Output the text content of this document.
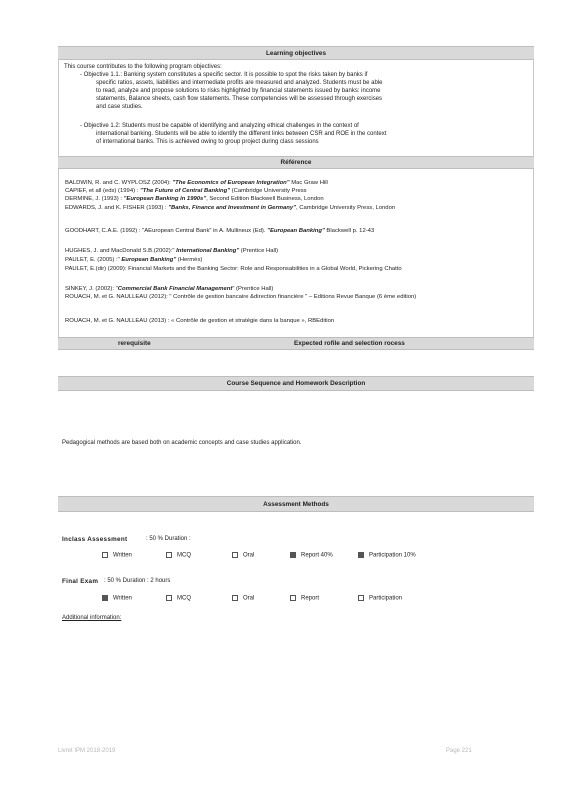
Learning objectives
This course contributes to the following program objectives:
- Objective 1.1.: Banking system constitutes a specific sector. It is possible to spot the risks taken by banks if
specific ratios, assets, liabilities and intermediate profits are measured and analyzed. Students must be able
to read, analyze and propose solutions to risks highlighted by financial statements issued by banks: income
statements, Balance sheets, cash flow statements. These competencies will be assessed through exercises
and case studies.
- Objective 1.2: Students must be capable of identifying and analyzing ethical challenges in the context of
international banking. Students will be able to identify the different links between CSR and ROE in the context
of international banks. This is achieved owing to group project during class sessions
Référence
BALDWIN, R. and C. WYPLOSZ (2004): "The Economics of European Integration" Mac Graw Hill
CAPIEF, et all (eds) (1994) : "The Future of Central Banking" (Cambridge University Press
DERMINE, J. (1993) : "European Banking in 1990s", Second Edition Blackwell Business, London
EDWARDS, J. and K. FISHER (1993) : "Banks, Finance and Investment in Germany", Cambridge University Press, London
GOODHART, C.A.E. (1992) : "AEuropean Central Bank" in A. Mullineux (Ed). "European Banking" Blackwell p. 12-43
HUGHES, J. and MacDonald S.B.(2002):" International Banking" (Prentice Hall)
PAULET, E. (2005) :" European Banking" (Hermès)
PAULET, E.(dir) (2009): Financial Markets and the Banking Sector: Role and Responsabilities in a Global World, Pickering Chatto
SINKEY, J. (2002): "Commercial Bank Financial Management" (Prentice Hall)
ROUACH, M. et G. NAULLEAU (2012): " Contrôle de gestion bancaire &direction financière " – Editions Revue Banque (6 ème edition)
ROUACH, M. et G. NAULLEAU (2013) : « Contrôle de gestion et stratégie dans la banque », RBEdition
rerequisite	Expected rofile and selection rocess
Course Sequence and Homework Description
Pedagogical methods are based both on academic concepts and case studies application.
Assessment Methods
Inclass Assessment	: 50 % Duration :
Written	MCQ	Oral	Report 40%	Participation 10%
Final Exam : 50 % Duration : 2 hours
Written	MCQ	Oral	Report	Participation
Additional information:
Livret IPM 2018-2019	Page 221
